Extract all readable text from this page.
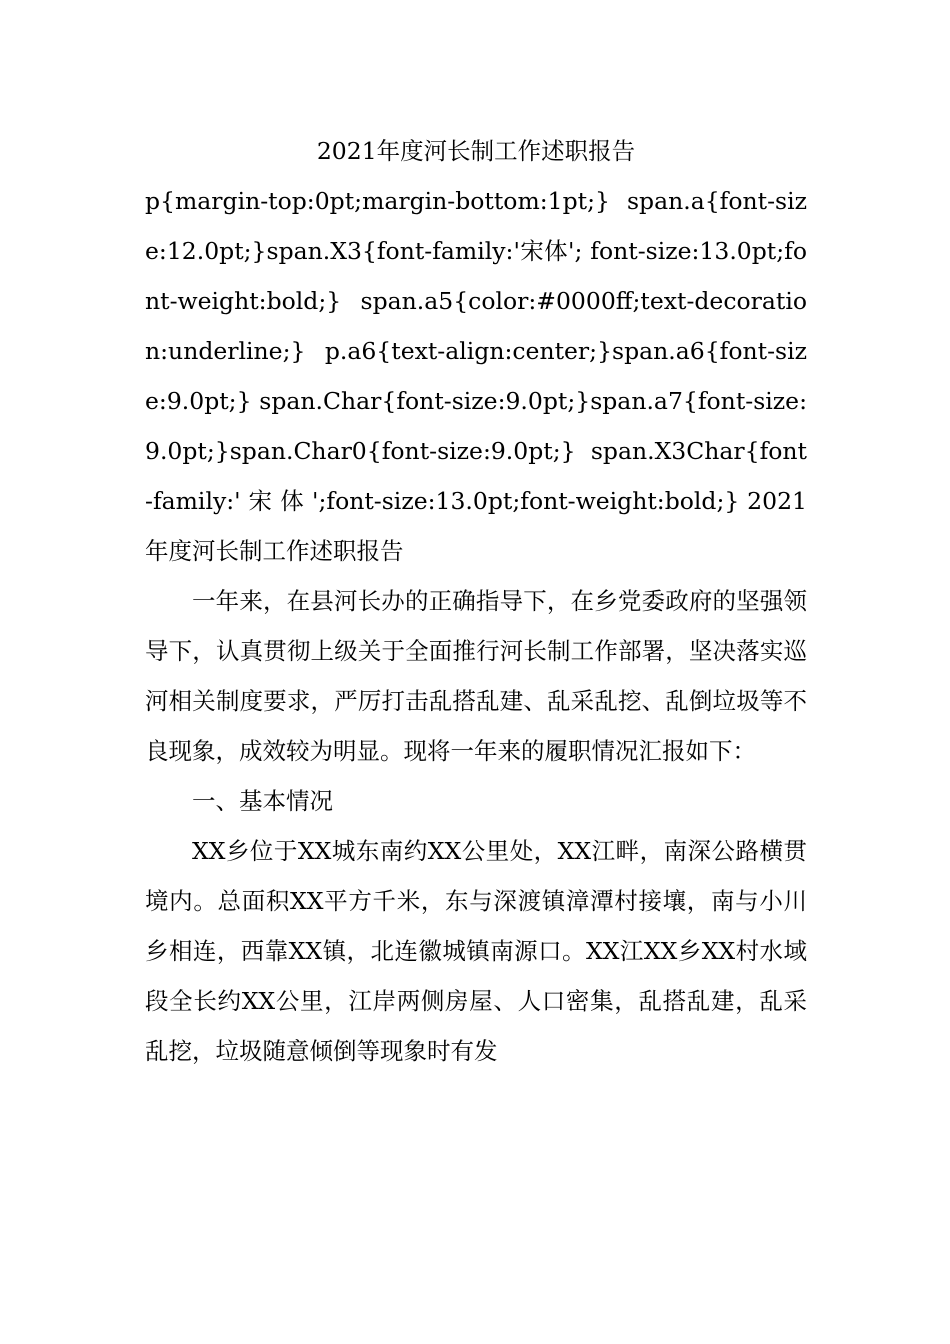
2021年度河长制工作述职报告

p{margin-top:0pt;margin-bottom:1pt;} span.a{font-size:12.0pt;}span.X3{font-family:'宋体'; font-size:13.0pt;font-weight:bold;} span.a5{color:#0000ff;text-decoration:underline;} p.a6{text-align:center;}span.a6{font-size:9.0pt;} span.Char{font-size:9.0pt;}span.a7{font-size:9.0pt;}span.Char0{font-size:9.0pt;} span.X3Char{font-family:' 宋 体 ';font-size:13.0pt;font-weight:bold;} 2021年度河长制工作述职报告

一年来，在县河长办的正确指导下，在乡党委政府的坚强领导下，认真贯彻上级关于全面推行河长制工作部署，坚决落实巡河相关制度要求，严厉打击乱搭乱建、乱采乱挖、乱倒垃圾等不良现象，成效较为明显。现将一年来的履职情况汇报如下：

一、基本情况

XX乡位于XX城东南约XX公里处，XX江畔，南深公路横贯境内。总面积XX平方千米，东与深渡镇漳潭村接壤，南与小川乡相连，西靠XX镇，北连徽城镇南源口。XX江XX乡XX村水域段全长约XX公里，江岸两侧房屋、人口密集，乱搭乱建，乱采乱挖，垃圾随意倾倒等现象时有发
